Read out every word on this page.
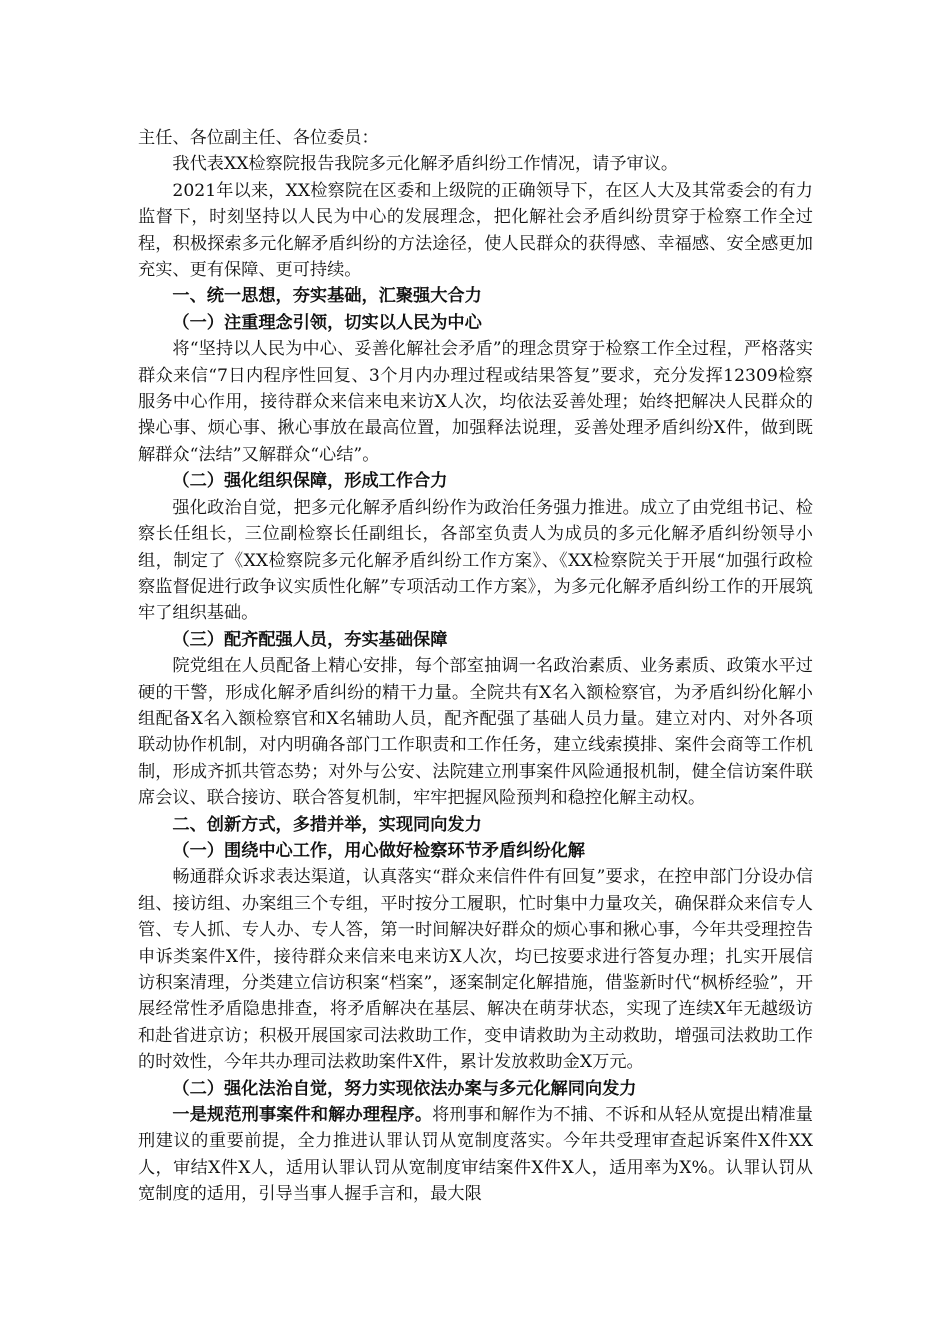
主任、各位副主任、各位委员：

我代表XX检察院报告我院多元化解矛盾纠纷工作情况，请予审议。

2021年以来，XX检察院在区委和上级院的正确领导下，在区人大及其常委会的有力监督下，时刻坚持以人民为中心的发展理念，把化解社会矛盾纠纷贯穿于检察工作全过程，积极探索多元化解矛盾纠纷的方法途径，使人民群众的获得感、幸福感、安全感更加充实、更有保障、更可持续。

一、统一思想，夯实基础，汇聚强大合力

（一）注重理念引领，切实以人民为中心

将“坚持以人民为中心、妥善化解社会矛盾”的理念贯穿于检察工作全过程，严格落实群众来信“7日内程序性回复、3个月内办理过程或结果答复”要求，充分发挥12309检察服务中心作用，接待群众来信来电来访X人次，均依法妥善处理；始终把解决人民群众的操心事、烦心事、揪心事放在最高位置，加强释法说理，妥善处理矛盾纠纷X件，做到既解群众“法结”又解群众“心结”。

（二）强化组织保障，形成工作合力

强化政治自觉，把多元化解矛盾纠纷作为政治任务强力推进。成立了由党组书记、检察长任组长，三位副检察长任副组长，各部室负责人为成员的多元化解矛盾纠纷领导小组，制定了《XX检察院多元化解矛盾纠纷工作方案》、《XX检察院关于开展“加强行政检察监督促进行政争议实质性化解”专项活动工作方案》，为多元化解矛盾纠纷工作的开展筑牢了组织基础。

（三）配齐配强人员，夯实基础保障

院党组在人员配备上精心安排，每个部室抽调一名政治素质、业务素质、政策水平过硬的干警，形成化解矛盾纠纷的精干力量。全院共有X名入额检察官，为矛盾纠纷化解小组配备X名入额检察官和X名辅助人员，配齐配强了基础人员力量。建立对内、对外各项联动协作机制，对内明确各部门工作职责和工作任务，建立线索摸排、案件会商等工作机制，形成齐抓共管态势；对外与公安、法院建立刑事案件风险通报机制，健全信访案件联席会议、联合接访、联合答复机制，牢牢把握风险预判和稳控化解主动权。

二、创新方式，多措并举，实现同向发力

（一）围绕中心工作，用心做好检察环节矛盾纠纷化解

畅通群众诉求表达渠道，认真落实“群众来信件件有回复”要求，在控申部门分设办信组、接访组、办案组三个专组，平时按分工履职，忙时集中力量攻关，确保群众来信专人管、专人抓、专人办、专人答，第一时间解决好群众的烦心事和揪心事，今年共受理控告申诉类案件X件，接待群众来信来电来访X人次，均已按要求进行答复办理；扎实开展信访积案清理，分类建立信访积案“档案”，逐案制定化解措施，借鉴新时代“枫桥经验”，开展经常性矛盾隐患排查，将矛盾解决在基层、解决在萌芽状态，实现了连续X年无越级访和赴省进京访；积极开展国家司法救助工作，变申请救助为主动救助，增强司法救助工作的时效性，今年共办理司法救助案件X件，累计发放救助金X万元。

（二）强化法治自觉，努力实现依法办案与多元化解同向发力

一是规范刑事案件和解办理程序。将刑事和解作为不捕、不诉和从轻从宽提出精准量刑建议的重要前提，全力推进认罪认罚从宽制度落实。今年共受理审查起诉案件X件XX人，审结X件X人，适用认罪认罚从宽制度审结案件X件X人，适用率为X%。认罪认罚从宽制度的适用，引导当事人握手言和，最大限
